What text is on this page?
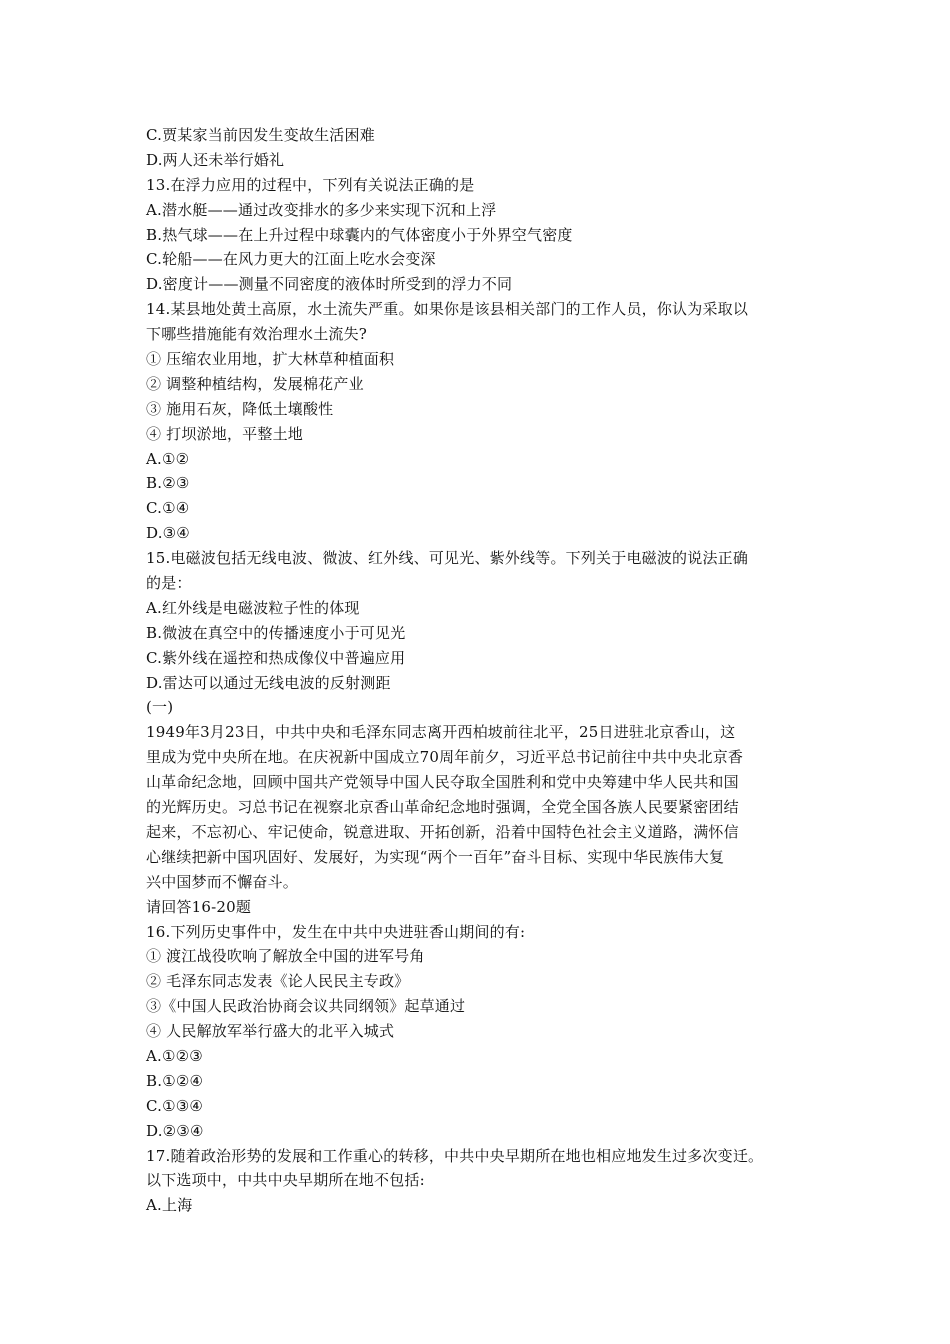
C.贾某家当前因发生变故生活困难
D.两人还未举行婚礼
13.在浮力应用的过程中，下列有关说法正确的是
A.潜水艇——通过改变排水的多少来实现下沉和上浮
B.热气球——在上升过程中球囊内的气体密度小于外界空气密度
C.轮船——在风力更大的江面上吃水会变深
D.密度计——测量不同密度的液体时所受到的浮力不同
14.某县地处黄土高原，水土流失严重。如果你是该县相关部门的工作人员，你认为采取以
下哪些措施能有效治理水土流失?
① 压缩农业用地，扩大林草种植面积
② 调整种植结构，发展棉花产业
③ 施用石灰，降低土壤酸性
④ 打坝淤地，平整土地
A.①②
B.②③
C.①④
D.③④
15.电磁波包括无线电波、微波、红外线、可见光、紫外线等。下列关于电磁波的说法正确
的是：
A.红外线是电磁波粒子性的体现
B.微波在真空中的传播速度小于可见光
C.紫外线在遥控和热成像仪中普遍应用
D.雷达可以通过无线电波的反射测距
(一)
1949年3月23日，中共中央和毛泽东同志离开西柏坡前往北平，25日进驻北京香山，这
里成为党中央所在地。在庆祝新中国成立70周年前夕，习近平总书记前往中共中央北京香
山革命纪念地，回顾中国共产党领导中国人民夺取全国胜利和党中央筹建中华人民共和国
的光辉历史。习总书记在视察北京香山革命纪念地时强调，全党全国各族人民要紧密团结
起来，不忘初心、牢记使命，锐意进取、开拓创新，沿着中国特色社会主义道路，满怀信
心继续把新中国巩固好、发展好，为实现“两个一百年”奋斗目标、实现中华民族伟大复
兴中国梦而不懈奋斗。
请回答16-20题
16.下列历史事件中，发生在中共中央进驻香山期间的有:
① 渡江战役吹响了解放全中国的进军号角
② 毛泽东同志发表《论人民民主专政》
③《中国人民政治协商会议共同纲领》起草通过
④ 人民解放军举行盛大的北平入城式
A.①②③
B.①②④
C.①③④
D.②③④
17.随着政治形势的发展和工作重心的转移，中共中央早期所在地也相应地发生过多次变迁。
以下选项中，中共中央早期所在地不包括:
A.上海
